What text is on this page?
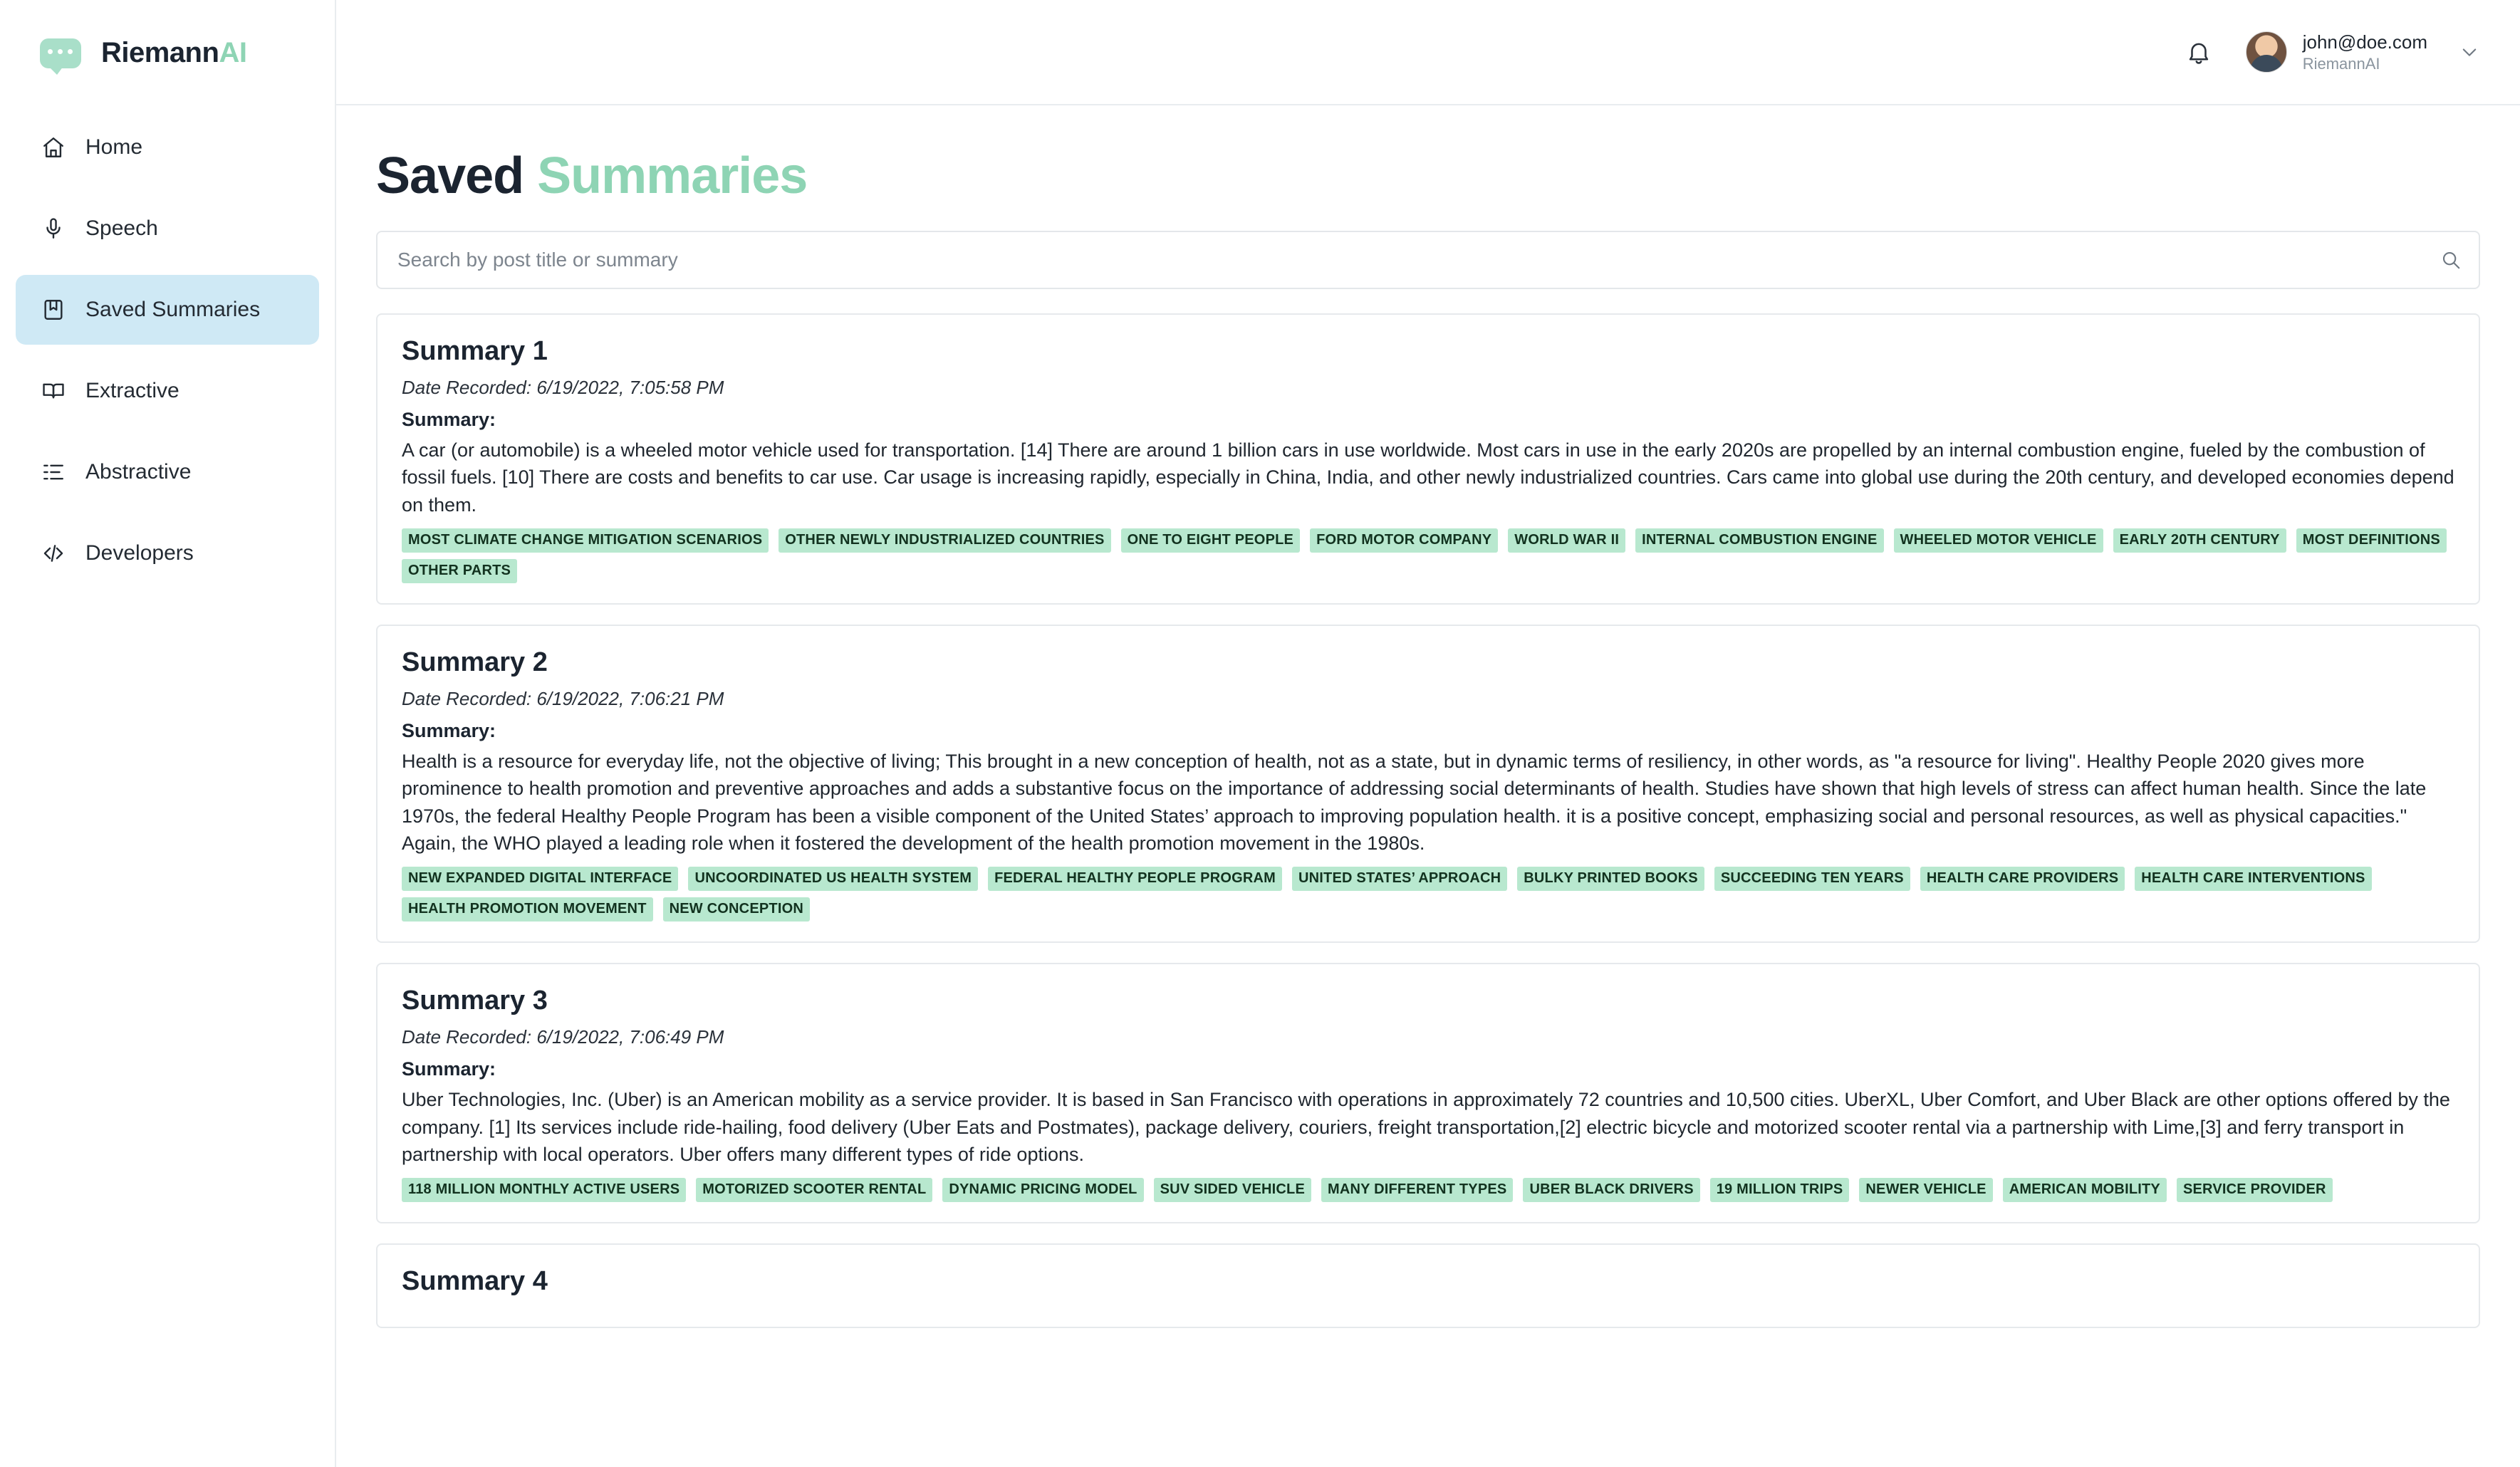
RiemannAI
Home
Speech
Saved Summaries
Extractive
Abstractive
Developers
john@doe.com
RiemannAI
Saved Summaries
Search by post title or summary
Summary 1
Date Recorded: 6/19/2022, 7:05:58 PM
Summary:

A car (or automobile) is a wheeled motor vehicle used for transportation. [14] There are around 1 billion cars in use worldwide. Most cars in use in the early 2020s are propelled by an internal combustion engine, fueled by the combustion of fossil fuels. [10] There are costs and benefits to car use. Car usage is increasing rapidly, especially in China, India, and other newly industrialized countries. Cars came into global use during the 20th century, and developed economies depend on them.

MOST CLIMATE CHANGE MITIGATION SCENARIOS	OTHER NEWLY INDUSTRIALIZED COUNTRIES	ONE TO EIGHT PEOPLE	FORD MOTOR COMPANY	WORLD WAR II	INTERNAL COMBUSTION ENGINE	WHEELED MOTOR VEHICLE	EARLY 20TH CENTURY	MOST DEFINITIONS
OTHER PARTS
Summary 2
Date Recorded: 6/19/2022, 7:06:21 PM
Summary:

Health is a resource for everyday life, not the objective of living; This brought in a new conception of health, not as a state, but in dynamic terms of resiliency, in other words, as "a resource for living". Healthy People 2020 gives more prominence to health promotion and preventive approaches and adds a substantive focus on the importance of addressing social determinants of health. Studies have shown that high levels of stress can affect human health. Since the late 1970s, the federal Healthy People Program has been a visible component of the United States’ approach to improving population health. it is a positive concept, emphasizing social and personal resources, as well as physical capacities." Again, the WHO played a leading role when it fostered the development of the health promotion movement in the 1980s.

NEW EXPANDED DIGITAL INTERFACE	UNCOORDINATED US HEALTH SYSTEM	FEDERAL HEALTHY PEOPLE PROGRAM	UNITED STATES’ APPROACH	BULKY PRINTED BOOKS	SUCCEEDING TEN YEARS	HEALTH CARE PROVIDERS	HEALTH CARE INTERVENTIONS
HEALTH PROMOTION MOVEMENT	NEW CONCEPTION
Summary 3
Date Recorded: 6/19/2022, 7:06:49 PM
Summary:

Uber Technologies, Inc. (Uber) is an American mobility as a service provider. It is based in San Francisco with operations in approximately 72 countries and 10,500 cities. UberXL, Uber Comfort, and Uber Black are other options offered by the company. [1] Its services include ride-hailing, food delivery (Uber Eats and Postmates), package delivery, couriers, freight transportation,[2] electric bicycle and motorized scooter rental via a partnership with Lime,[3] and ferry transport in partnership with local operators. Uber offers many different types of ride options.

118 MILLION MONTHLY ACTIVE USERS	MOTORIZED SCOOTER RENTAL	DYNAMIC PRICING MODEL	SUV SIDED VEHICLE	MANY DIFFERENT TYPES	UBER BLACK DRIVERS	19 MILLION TRIPS	NEWER VEHICLE	AMERICAN MOBILITY	SERVICE PROVIDER
Summary 4
